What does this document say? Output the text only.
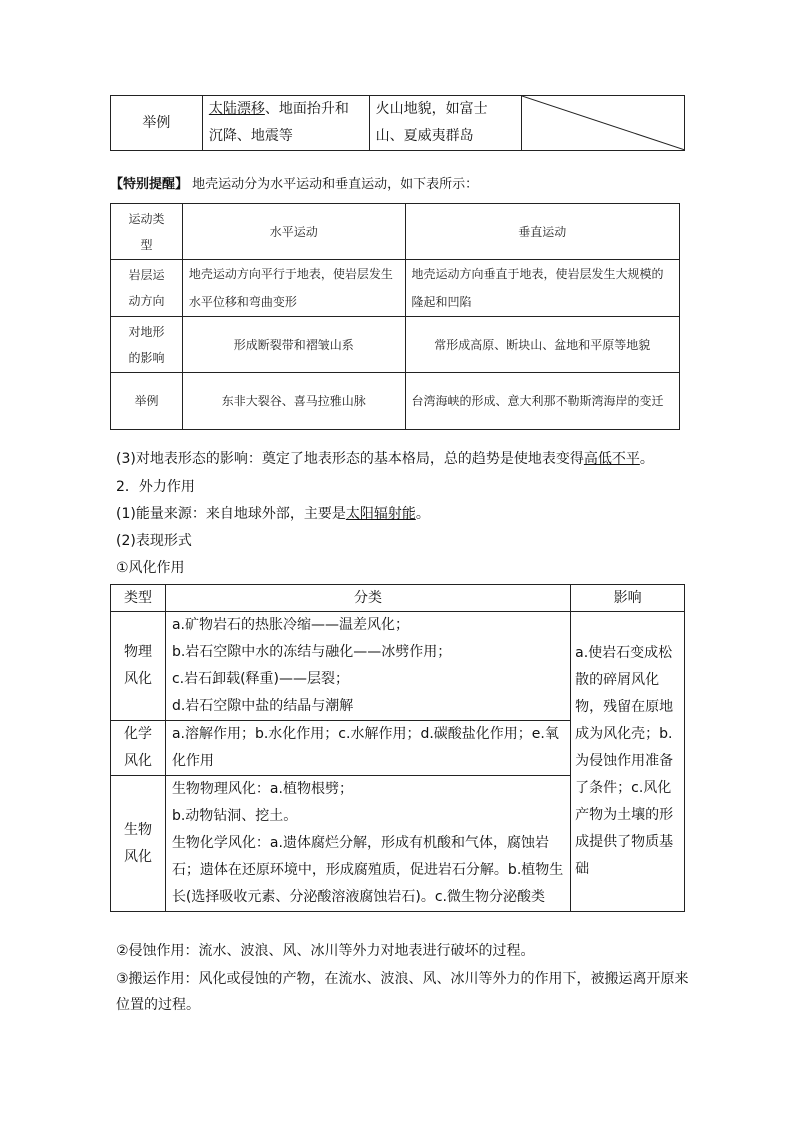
举例	太陆漂移、地面抬升和沉降、地震等	火山地貌，如富士山、夏威夷群岛	
【特别提醒】 地壳运动分为水平运动和垂直运动，如下表所示：
运动类型	水平运动	垂直运动
岩层运动方向	地壳运动方向平行于地表，使岩层发生水平位移和弯曲变形	地壳运动方向垂直于地表，使岩层发生大规模的隆起和凹陷
对地形的影响	形成断裂带和褶皱山系	常形成高原、断块山、盆地和平原等地貌
举例	东非大裂谷、喜马拉雅山脉	台湾海峡的形成、意大利那不勒斯湾海岸的变迁
(3)对地表形态的影响：奠定了地表形态的基本格局，总的趋势是使地表变得高低不平。
2．外力作用
(1)能量来源：来自地球外部，主要是太阳辐射能。
(2)表现形式
①风化作用
类型	分类	影响
物理风化	a.矿物岩石的热胀冷缩——温差风化；
b.岩石空隙中水的冻结与融化——冰劈作用；
c.岩石卸载(释重)——层裂；
d.岩石空隙中盐的结晶与潮解	a.使岩石变成松散的碎屑风化物，残留在原地成为风化壳；b.为侵蚀作用准备了条件；c.风化产物为土壤的形成提供了物质基础
化学风化	a.溶解作用；b.水化作用；c.水解作用；d.碳酸盐化作用；e.氧化作用	
生物风化	生物物理风化：a.植物根劈；
b.动物钻洞、挖土。
生物化学风化：a.遗体腐烂分解，形成有机酸和气体，腐蚀岩石；遗体在还原环境中，形成腐殖质，促进岩石分解。b.植物生长(选择吸收元素、分泌酸溶液腐蚀岩石)。c.微生物分泌酸类	
②侵蚀作用：流水、波浪、风、冰川等外力对地表进行破坏的过程。
③搬运作用：风化或侵蚀的产物，在流水、波浪、风、冰川等外力的作用下，被搬运离开原来位置的过程。
